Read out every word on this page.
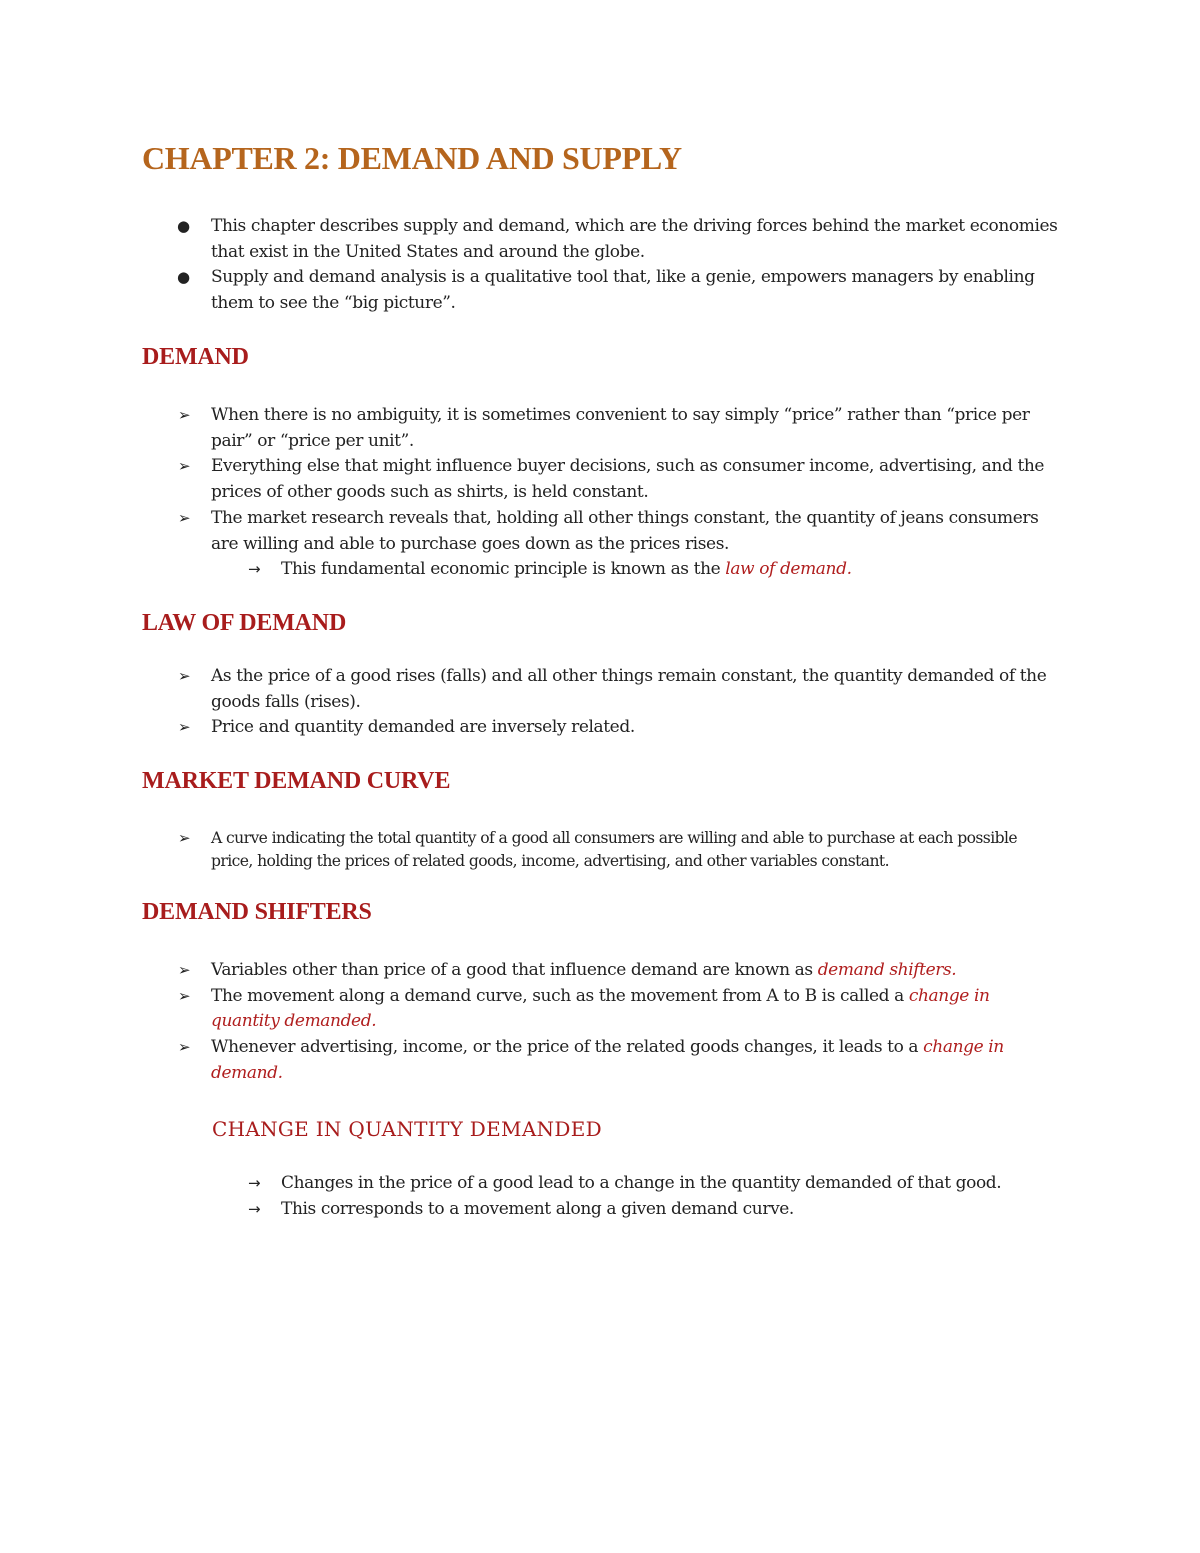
CHAPTER 2: DEMAND AND SUPPLY
● This chapter describes supply and demand, which are the driving forces behind the market economies that exist in the United States and around the globe.
● Supply and demand analysis is a qualitative tool that, like a genie, empowers managers by enabling them to see the “big picture”.
DEMAND
➢ When there is no ambiguity, it is sometimes convenient to say simply “price” rather than “price per pair” or “price per unit”.
➢ Everything else that might influence buyer decisions, such as consumer income, advertising, and the prices of other goods such as shirts, is held constant.
➢ The market research reveals that, holding all other things constant, the quantity of jeans consumers are willing and able to purchase goes down as the prices rises.
→ This fundamental economic principle is known as the law of demand.
LAW OF DEMAND
➢ As the price of a good rises (falls) and all other things remain constant, the quantity demanded of the goods falls (rises).
➢ Price and quantity demanded are inversely related.
MARKET DEMAND CURVE
➢ A curve indicating the total quantity of a good all consumers are willing and able to purchase at each possible price, holding the prices of related goods, income, advertising, and other variables constant.
DEMAND SHIFTERS
➢ Variables other than price of a good that influence demand are known as demand shifters.
➢ The movement along a demand curve, such as the movement from A to B is called a change in quantity demanded.
➢ Whenever advertising, income, or the price of the related goods changes, it leads to a change in demand.
CHANGE IN QUANTITY DEMANDED
→ Changes in the price of a good lead to a change in the quantity demanded of that good.
→ This corresponds to a movement along a given demand curve.
